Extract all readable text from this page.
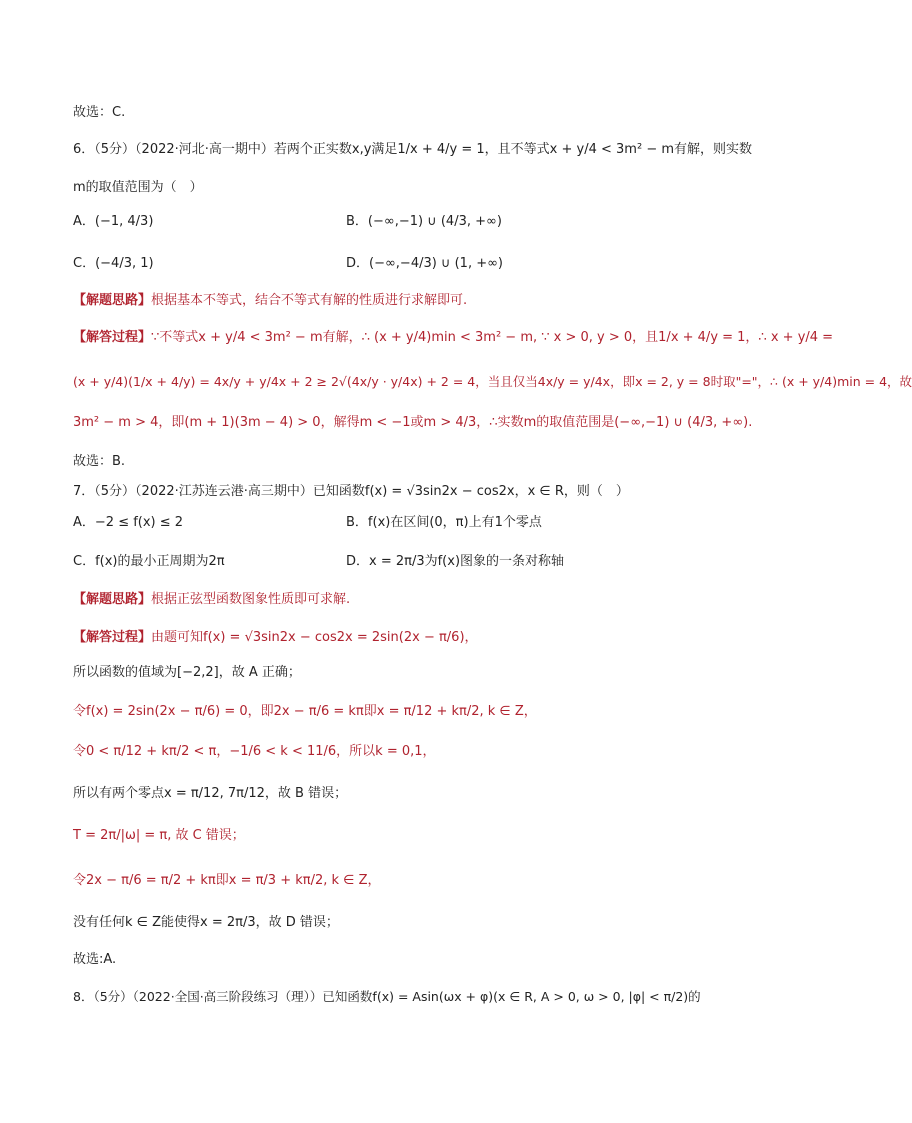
故选：C.
6．（5分）（2022·河北·高一期中）若两个正实数x,y满足1/x + 4/y = 1，且不等式x + y/4 < 3m² − m有解，则实数
m的取值范围为（　）
A．(−1, 4/3)	B．(−∞,−1) ∪ (4/3, +∞)
C．(−4/3, 1)	D．(−∞,−4/3) ∪ (1, +∞)
【解题思路】根据基本不等式，结合不等式有解的性质进行求解即可.
【解答过程】∵不等式x + y/4 < 3m² − m有解，∴ (x + y/4)min < 3m² − m, ∵ x > 0, y > 0，且1/x + 4/y = 1，∴ x + y/4 =
(x + y/4)(1/x + 4/y) = 4x/y + y/4x + 2 ≥ 2√(4x/y · y/4x) + 2 = 4，当且仅当4x/y = y/4x，即x = 2, y = 8时取"="，∴ (x + y/4)min = 4，故
3m² − m > 4，即(m + 1)(3m − 4) > 0，解得m < −1或m > 4/3，∴实数m的取值范围是(−∞,−1) ∪ (4/3, +∞).
故选：B.
7．（5分）（2022·江苏连云港·高三期中）已知函数f(x) = √3sin2x − cos2x，x ∈ R，则（　）
A．−2 ≤ f(x) ≤ 2	B．f(x)在区间(0，π)上有1个零点
C．f(x)的最小正周期为2π	D．x = 2π/3为f(x)图象的一条对称轴
【解题思路】根据正弦型函数图象性质即可求解.
【解答过程】由题可知f(x) = √3sin2x − cos2x = 2sin(2x − π/6)，
所以函数的值域为[−2,2]，故 A 正确；
令f(x) = 2sin(2x − π/6) = 0，即2x − π/6 = kπ即x = π/12 + kπ/2, k ∈ Z，
令0 < π/12 + kπ/2 < π，−1/6 < k < 11/6，所以k = 0,1，
所以有两个零点x = π/12, 7π/12，故 B 错误；
T = 2π/|ω| = π, 故 C 错误；
令2x − π/6 = π/2 + kπ即x = π/3 + kπ/2, k ∈ Z，
没有任何k ∈ Z能使得x = 2π/3，故 D 错误；
故选:A.
8．（5分）（2022·全国·高三阶段练习（理））已知函数f(x) = Asin(ωx + φ)(x ∈ R, A > 0, ω > 0, |φ| < π/2)的
